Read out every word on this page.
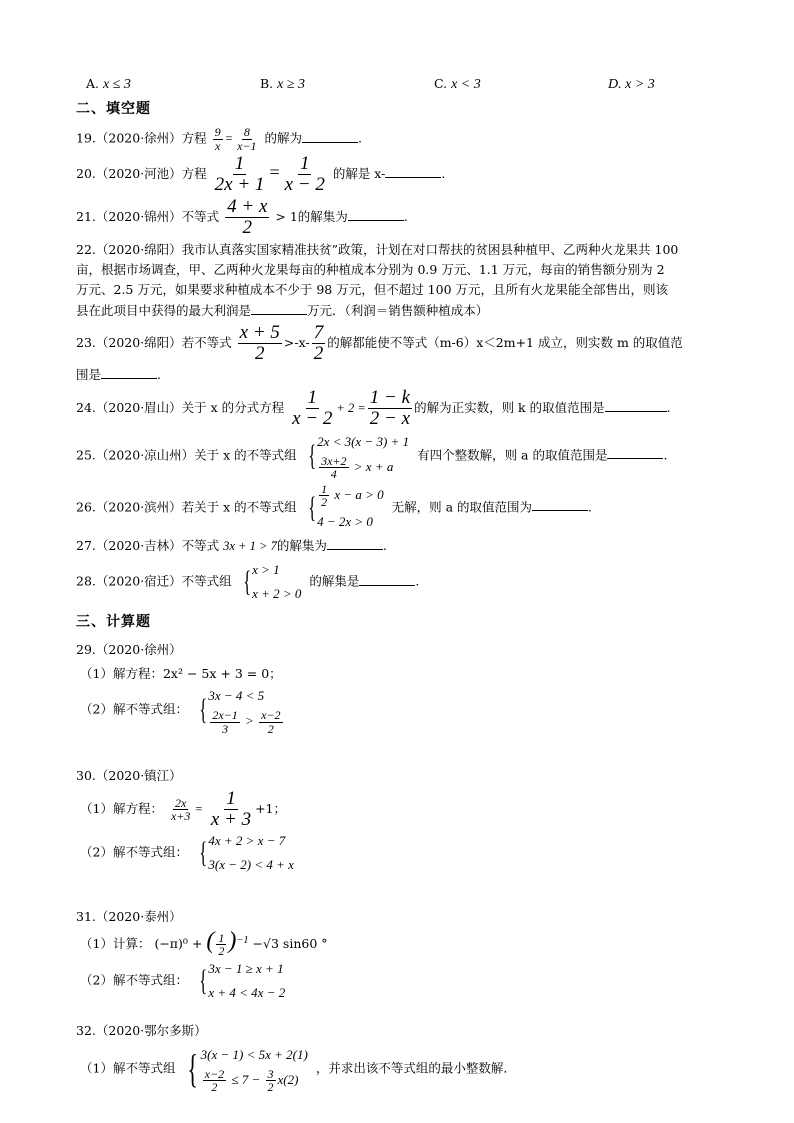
A. x ≤ 3	B. x ≥ 3	C. x < 3	D. x > 3
二、填空题
19.（2020·徐州）方程 $\frac{9}{x} = \frac{8}{x-1}$ 的解为	.
20.（2020·河池）方程 $\frac{1}{2x + 1} = \frac{1}{x - 2}$ 的解是 x-	.
21.（2020·锦州）不等式 $\frac{4 + x}{2} > 1$的解集为	.
22.（2020·绵阳）我市认真落实国家精准扶贫”政策，计划在对口帮扶的贫困县种植甲、乙两种火龙果共 100
亩，根据市场调查，甲、乙两种火龙果每亩的种植成本分别为 0.9 万元、1.1 万元，每亩的销售额分别为 2
万元、2.5 万元，如果要求种植成本不少于 98 万元，但不超过 100 万元，且所有火龙果能全部售出，则该
县在此项目中获得的最大利润是	万元．（利润＝销售额种植成本）
23.（2020·绵阳）若不等式 $\frac{x + 5}{2} >-x- \frac{7}{2}$ 的解都能使不等式（m-6）x＜2m+1 成立，则实数 m 的取值范
围是	.
24.（2020·眉山）关于 x 的分式方程 $\frac{1}{x - 2} + 2 = \frac{1 - k}{2 - x}$ 的解为正实数，则 k 的取值范围是	.
25.（2020·凉山州）关于 x 的不等式组 { 2x < 3(x − 3) + 1
$\frac{3x+2}{4} > x + a$
有四个整数解，则 a 的取值范围是	.
26.（2020·滨州）若关于 x 的不等式组 { $\frac{1}{2}$ x − a > 0
4 − 2x > 0
无解，则 a 的取值范围为	.
27.（2020·吉林）不等式 3x + 1 > 7的解集为	.
28.（2020·宿迁）不等式组 { x > 1
x + 2 > 0
的解集是	.
三、计算题
29.（2020·徐州）
（1）解方程：2x² − 5x + 3 = 0；
（2）解不等式组： { 3x − 4 < 5
$\frac{2x-1}{3} > \frac{x-2}{2}$
30.（2020·镇江）
（1）解方程： $\frac{2x}{x+3} = \frac{1}{x + 3} +1$；
（2）解不等式组： { 4x + 2 > x − 7
3(x − 2) < 4 + x
31.（2020·泰州）
（1）计算： (−π)⁰ + ( $\frac{1}{2} )^{-1} -√3$ sin60 °
（2）解不等式组： { 3x − 1 ≥ x + 1
x + 4 < 4x − 2
32.（2020·鄂尔多斯）
（1）解不等式组 { 3(x − 1) < 5x + 2(1)
$\frac{x-2}{2} \le 7 - \frac{3}{2} x(2)$
，并求出该不等式组的最小整数解．
